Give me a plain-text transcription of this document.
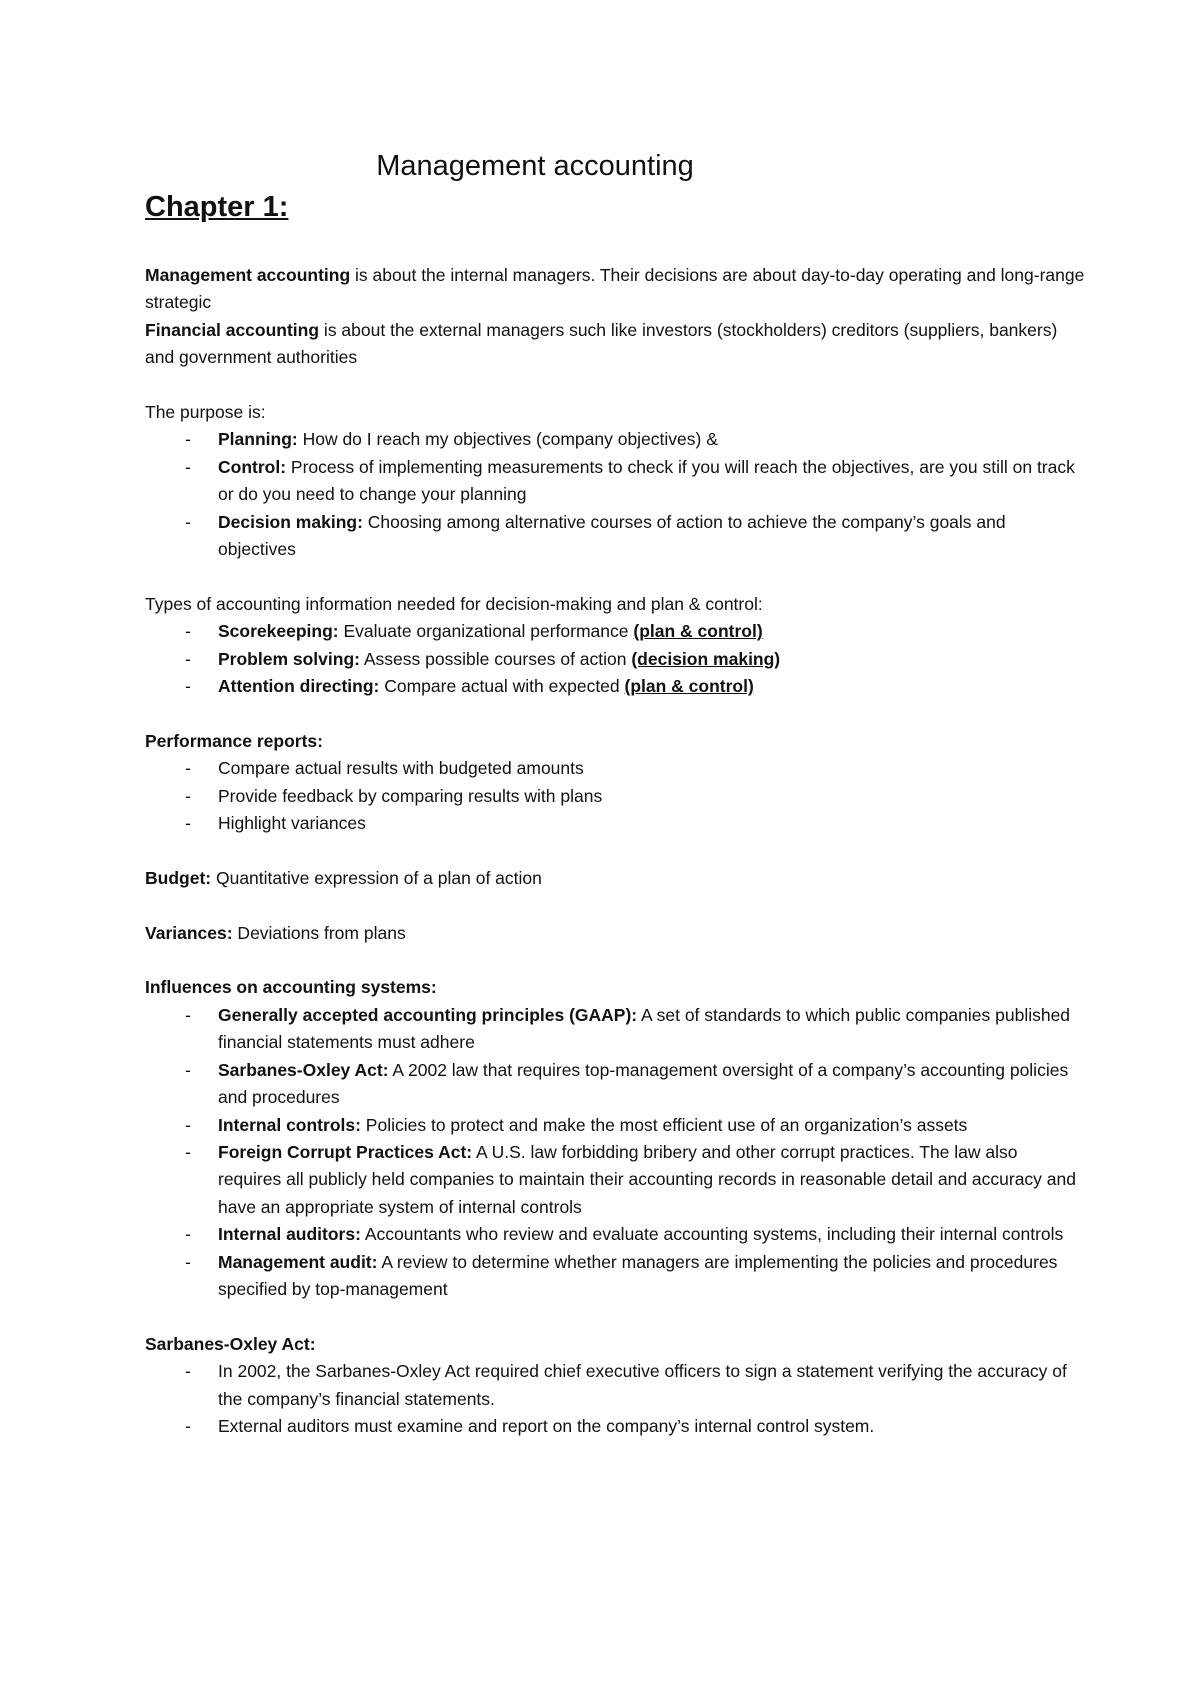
Management accounting
Chapter 1:

Management accounting is about the internal managers. Their decisions are about day-to-day operating and long-range strategic

Financial accounting is about the external managers such like investors (stockholders) creditors (suppliers, bankers) and government authorities

The purpose is:

- Planning: How do I reach my objectives (company objectives) &
- Control: Process of implementing measurements to check if you will reach the objectives, are you still on track or do you need to change your planning
- Decision making: Choosing among alternative courses of action to achieve the company’s goals and objectives

Types of accounting information needed for decision-making and plan & control:

- Scorekeeping: Evaluate organizational performance (plan & control)
- Problem solving: Assess possible courses of action (decision making)
- Attention directing: Compare actual with expected (plan & control)

Performance reports:

- Compare actual results with budgeted amounts
- Provide feedback by comparing results with plans
- Highlight variances

Budget: Quantitative expression of a plan of action

Variances: Deviations from plans

Influences on accounting systems:

- Generally accepted accounting principles (GAAP): A set of standards to which public companies published financial statements must adhere
- Sarbanes-Oxley Act: A 2002 law that requires top-management oversight of a company’s accounting policies and procedures
- Internal controls: Policies to protect and make the most efficient use of an organization’s assets
- Foreign Corrupt Practices Act: A U.S. law forbidding bribery and other corrupt practices. The law also requires all publicly held companies to maintain their accounting records in reasonable detail and accuracy and have an appropriate system of internal controls
- Internal auditors: Accountants who review and evaluate accounting systems, including their internal controls
- Management audit: A review to determine whether managers are implementing the policies and procedures specified by top-management

Sarbanes-Oxley Act:

- In 2002, the Sarbanes-Oxley Act required chief executive officers to sign a statement verifying the accuracy of the company’s financial statements.
- External auditors must examine and report on the company’s internal control system.
